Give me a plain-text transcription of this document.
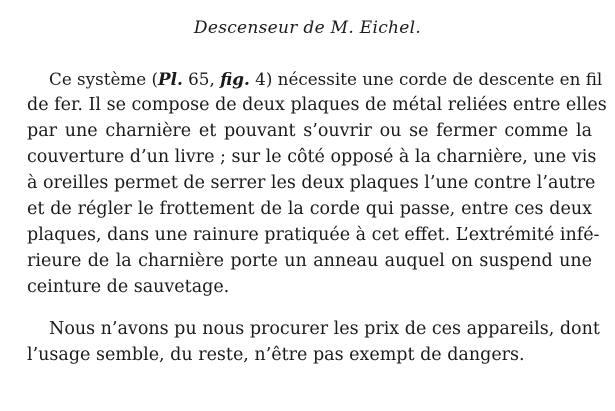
Descenseur de M. Eichel.
Ce système (Pl. 65, fig. 4) nécessite une corde de descente en fil
de fer. Il se compose de deux plaques de métal reliées entre elles
par une charnière et pouvant s’ouvrir ou se fermer comme la
couverture d’un livre ; sur le côté opposé à la charnière, une vis
à oreilles permet de serrer les deux plaques l’une contre l’autre
et de régler le frottement de la corde qui passe, entre ces deux
plaques, dans une rainure pratiquée à cet effet. L’extrémité infé-
rieure de la charnière porte un anneau auquel on suspend une
ceinture de sauvetage.
Nous n’avons pu nous procurer les prix de ces appareils, dont
l’usage semble, du reste, n’être pas exempt de dangers.
